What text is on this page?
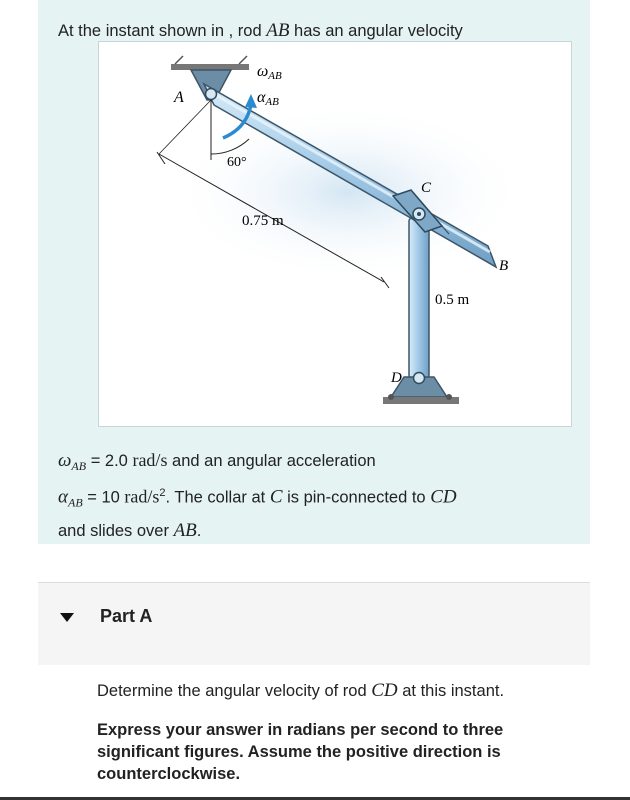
At the instant shown in , rod AB has an angular velocity
60°
0.75 m
0.5 m
A
B
C
D
ωAB
αAB
$\omega_{AB} = 2.0$ rad/s and an angular acceleration
$\alpha_{AB} = 10$ rad/$s^2$. The collar at C is pin-connected to CD
and slides over AB.
Part A
Determine the angular velocity of rod CD at this instant.
Express your answer in radians per second to three significant figures. Assume the positive direction is counterclockwise.
